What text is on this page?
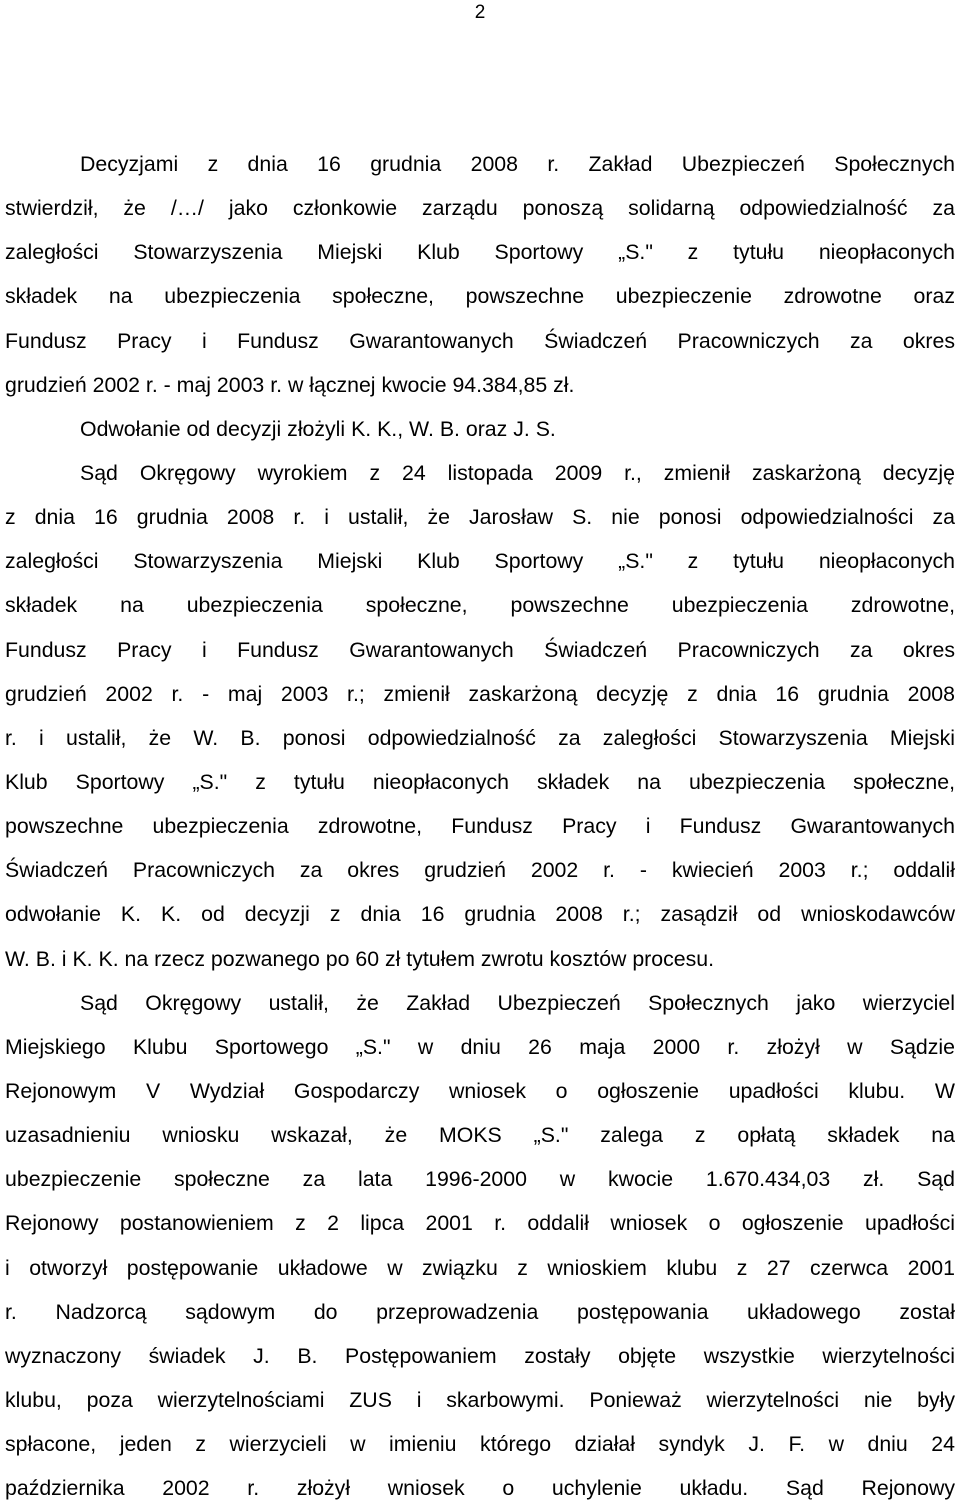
2
Decyzjami z dnia 16 grudnia 2008 r. Zakład Ubezpieczeń Społecznych
stwierdził, że /…/ jako członkowie zarządu ponoszą solidarną odpowiedzialność za
zaległości Stowarzyszenia Miejski Klub Sportowy „S." z tytułu nieopłaconych
składek na ubezpieczenia społeczne, powszechne ubezpieczenie zdrowotne oraz
Fundusz Pracy i Fundusz Gwarantowanych Świadczeń Pracowniczych za okres
grudzień 2002 r. - maj 2003 r. w łącznej kwocie 94.384,85 zł.
Odwołanie od decyzji złożyli K. K., W. B. oraz J. S.
Sąd Okręgowy wyrokiem z 24 listopada 2009 r., zmienił zaskarżoną decyzję
z dnia 16 grudnia 2008 r. i ustalił, że Jarosław S. nie ponosi odpowiedzialności za
zaległości Stowarzyszenia Miejski Klub Sportowy „S." z tytułu nieopłaconych
składek na ubezpieczenia społeczne, powszechne ubezpieczenia zdrowotne,
Fundusz Pracy i Fundusz Gwarantowanych Świadczeń Pracowniczych za okres
grudzień 2002 r. - maj 2003 r.; zmienił zaskarżoną decyzję z dnia 16 grudnia 2008
r. i ustalił, że W. B. ponosi odpowiedzialność za zaległości Stowarzyszenia Miejski
Klub Sportowy „S." z tytułu nieopłaconych składek na ubezpieczenia społeczne,
powszechne ubezpieczenia zdrowotne, Fundusz Pracy i Fundusz Gwarantowanych
Świadczeń Pracowniczych za okres grudzień 2002 r. - kwiecień 2003 r.; oddalił
odwołanie K. K. od decyzji z dnia 16 grudnia 2008 r.; zasądził od wnioskodawców
W. B. i K. K. na rzecz pozwanego po 60 zł tytułem zwrotu kosztów procesu.
Sąd Okręgowy ustalił, że Zakład Ubezpieczeń Społecznych jako wierzyciel
Miejskiego Klubu Sportowego „S." w dniu 26 maja 2000 r. złożył w Sądzie
Rejonowym V Wydział Gospodarczy wniosek o ogłoszenie upadłości klubu. W
uzasadnieniu wniosku wskazał, że MOKS „S." zalega z opłatą składek na
ubezpieczenie społeczne za lata 1996-2000 w kwocie 1.670.434,03 zł. Sąd
Rejonowy postanowieniem z 2 lipca 2001 r. oddalił wniosek o ogłoszenie upadłości
i otworzył postępowanie układowe w związku z wnioskiem klubu z 27 czerwca 2001
r. Nadzorcą sądowym do przeprowadzenia postępowania układowego został
wyznaczony świadek J. B. Postępowaniem zostały objęte wszystkie wierzytelności
klubu, poza wierzytelnościami ZUS i skarbowymi. Ponieważ wierzytelności nie były
spłacone, jeden z wierzycieli w imieniu którego działał syndyk J. F. w dniu 24
października 2002 r. złożył wniosek o uchylenie układu. Sąd Rejonowy
